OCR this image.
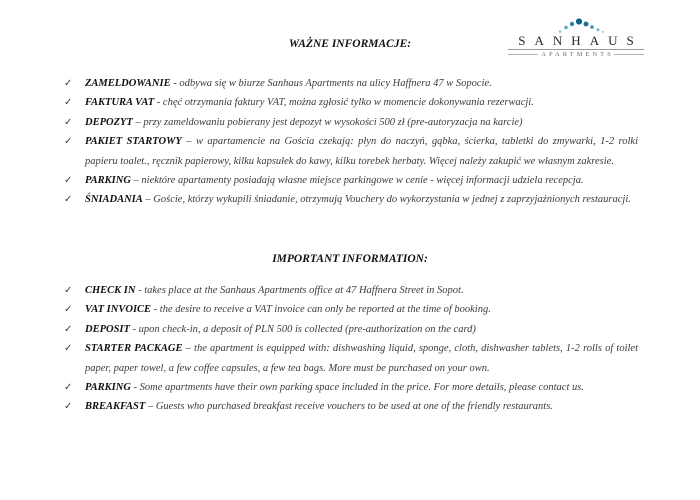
SANHAUS
APARTMENTS
WAŻNE INFORMACJE:
✓ ZAMELDOWANIE - odbywa się w biurze Sanhaus Apartments na ulicy Haffnera 47 w Sopocie.
✓ FAKTURA VAT - chęć otrzymania faktury VAT, można zgłosić tylko w momencie dokonywania rezerwacji.
✓ DEPOZYT – przy zameldowaniu pobierany jest depozyt w wysokości 500 zł (pre-autoryzacja na karcie)
✓ PAKIET STARTOWY – w apartamencie na Gościa czekają: płyn do naczyń, gąbka, ścierka, tabletki do zmywarki, 1-2 rolki papieru toalet., ręcznik papierowy, kilku kapsułek do kawy, kilku torebek herbaty. Więcej należy zakupić we własnym zakresie.
✓ PARKING – niektóre apartamenty posiadają własne miejsce parkingowe w cenie - więcej informacji udziela recepcja.
✓ ŚNIADANIA – Goście, którzy wykupili śniadanie, otrzymują Vouchery do wykorzystania w jednej z zaprzyjaźnionych restauracji.
IMPORTANT INFORMATION:
✓ CHECK IN - takes place at the Sanhaus Apartments office at 47 Haffnera Street in Sopot.
✓ VAT INVOICE - the desire to receive a VAT invoice can only be reported at the time of booking.
✓ DEPOSIT - upon check-in, a deposit of PLN 500 is collected (pre-authorization on the card)
✓ STARTER PACKAGE – the apartment is equipped with: dishwashing liquid, sponge, cloth, dishwasher tablets, 1-2 rolls of toilet paper, paper towel, a few coffee capsules, a few tea bags. More must be purchased on your own.
✓ PARKING - Some apartments have their own parking space included in the price. For more details, please contact us.
✓ BREAKFAST – Guests who purchased breakfast receive vouchers to be used at one of the friendly restaurants.
